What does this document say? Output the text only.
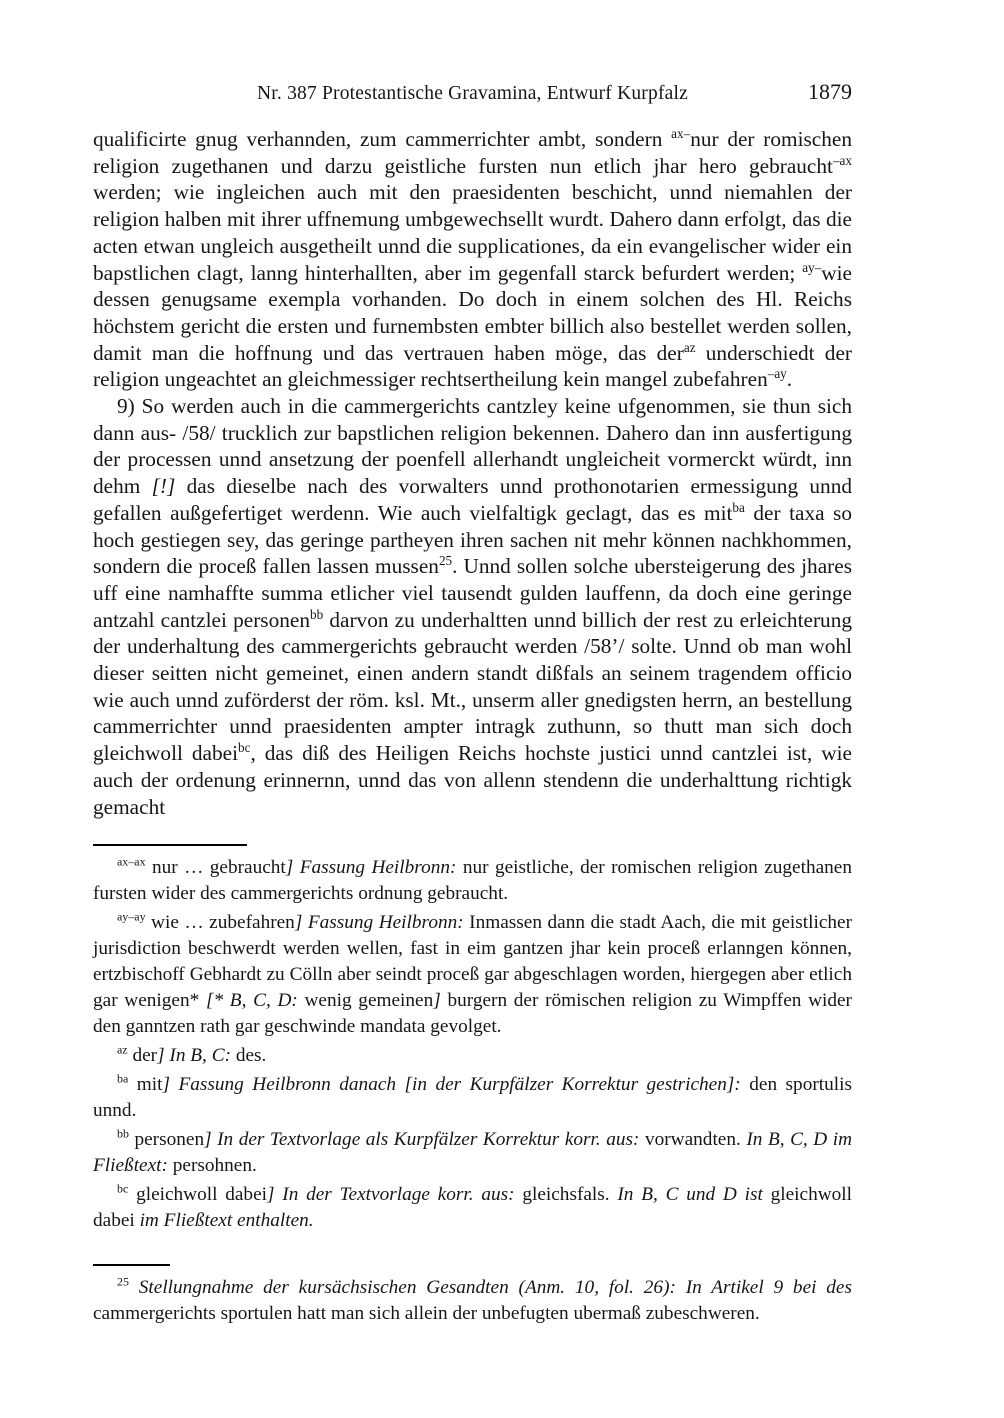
Nr. 387 Protestantische Gravamina, Entwurf Kurpfalz	1879

qualificirte gnug verhannden, zum cammerrichter ambt, sondern $^{ax-}$nur der romischen religion zugethanen und darzu geistliche fursten nun etlich jhar hero gebraucht$^{-ax}$ werden; wie ingleichen auch mit den praesidenten beschicht, unnd niemahlen der religion halben mit ihrer uffnemung umbgewechsellt wurdt. Dahero dann erfolgt, das die acten etwan ungleich ausgetheilt unnd die supplicationes, da ein evangelischer wider ein bapstlichen clagt, lanng hinterhallten, aber im gegenfall starck befurdert werden; $^{ay-}$wie dessen genugsame exempla vorhanden. Do doch in einem solchen des Hl. Reichs höchstem gericht die ersten und furnembsten embter billich also bestellet werden sollen, damit man die hoffnung und das vertrauen haben möge, das der$^{az}$ underschiedt der religion ungeachtet an gleichmessiger rechtsertheilung kein mangel zubefahren$^{-ay}$.

9) So werden auch in die cammergerichts cantzley keine ufgenommen, sie thun sich dann aus- /58/ trucklich zur bapstlichen religion bekennen. Dahero dan inn ausfertigung der processen unnd ansetzung der poenfell allerhandt ungleicheit vormerckt würdt, inn dehm [!] das dieselbe nach des vorwalters unnd prothonotarien ermessigung unnd gefallen außgefertiget werdenn. Wie auch vielfaltigk geclagt, das es mit$^{ba}$ der taxa so hoch gestiegen sey, das geringe partheyen ihren sachen nit mehr können nachkhommen, sondern die proceß fallen lassen mussen$^{25}$. Unnd sollen solche ubersteigerung des jhares uff eine namhaffte summa etlicher viel tausendt gulden lauffenn, da doch eine geringe antzahl cantzlei personen$^{bb}$ darvon zu underhaltten unnd billich der rest zu erleichterung der underhaltung des cammergerichts gebraucht werden /58’/ solte. Unnd ob man wohl dieser seitten nicht gemeinet, einen andern standt dißfals an seinem tragendem officio wie auch unnd zuförderst der röm. ksl. Mt., unserm aller gnedigsten herrn, an bestellung cammerrichter unnd praesidenten ampter intragk zuthunn, so thutt man sich doch gleichwoll dabei$^{bc}$, das diß des Heiligen Reichs hochste justici unnd cantzlei ist, wie auch der ordenung erinnernn, unnd das von allenn stendenn die underhalttung richtigk gemacht

$^{ax-ax}$ nur … gebraucht] Fassung Heilbronn: nur geistliche, der romischen religion zugethanen fursten wider des cammergerichts ordnung gebraucht.

$^{ay-ay}$ wie … zubefahren] Fassung Heilbronn: Inmassen dann die stadt Aach, die mit geistlicher jurisdiction beschwerdt werden wellen, fast in eim gantzen jhar kein proceß erlanngen können, ertzbischoff Gebhardt zu Cölln aber seindt proceß gar abgeschlagen worden, hiergegen aber etlich gar wenigen* [* B, C, D: wenig gemeinen] burgern der römischen religion zu Wimpffen wider den ganntzen rath gar geschwinde mandata gevolget.

$^{az}$ der] In B, C: des.

$^{ba}$ mit] Fassung Heilbronn danach [in der Kurpfälzer Korrektur gestrichen]: den sportulis unnd.

$^{bb}$ personen] In der Textvorlage als Kurpfälzer Korrektur korr. aus: vorwandten. In B, C, D im Fließtext: persohnen.

$^{bc}$ gleichwoll dabei] In der Textvorlage korr. aus: gleichsfals. In B, C und D ist gleichwoll dabei im Fließtext enthalten.

$^{25}$ Stellungnahme der kursächsischen Gesandten (Anm. 10, fol. 26): In Artikel 9 bei des cammergerichts sportulen hatt man sich allein der unbefugten ubermaß zubeschweren.
